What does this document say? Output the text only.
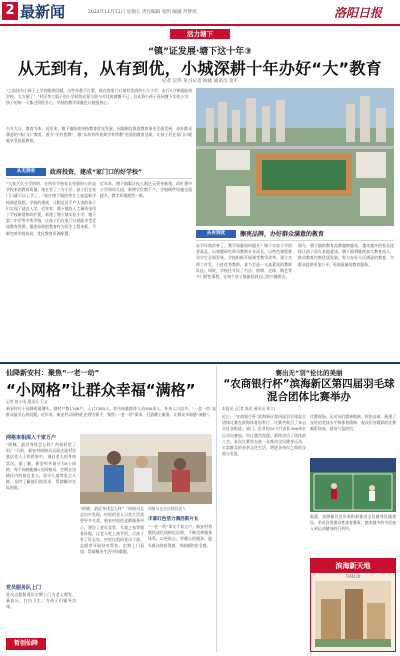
2 最新闻	2022年11月11日 星期五 责任编辑 张明 编辑 苏梦瑶	洛阳日报
活力塘下
“镇”证发展·塘下这十年③
从无到有，从有到优，小城深耕十年办好“大”教育
记者 吴伟 见习记者 顾晓 通讯员 余平
“之前读书小孩子上学的路途问题，这些年都不打紧。现在的家门口就有优质的公立小学、步行5分钟就能到学校。太方便了！”村民李大姐子的小学时的光景与如今对比时感慨不已。自从将小孩子送到塘下实验小学，孩子的每一天都过得很开心，学校的教学质量也让她很放心。
百年大计，教育为本。近年来，塘下镇始终坚持教育优先发展，因地制宜推进教育事业全面发展，办好群众满意的“家门口”教育，着力“学有优教”，做“从幼有所育到学有所教”更高的教育品质，让孩子们在家门口就能享受优质教育。
从无到有	政府投资，建成“家门口的好学校”
“大家久久小学的时，在所有学校家长里最担心的是学校来的教育质量。现在有了三方小学，孩子们在家门口就可以上学了。”家住塘下镇的李女士说起新学校满是欣慰。学校的建成，让附近近千户人家的孩子们实现了就近入学。近年来，塘下镇投入大量资金用于学校新建和改扩建，新建了塘下镇实验小学、塘下第二中学等多所学校，让孩子们在家门口就能享受优质教育资源。镇里始终把教育作为民生工程来抓，不断完善学校布局，优化教育资源配置。
近年来，塘下镇累计投入数亿元资金新建、改扩建中小学和幼儿园，新增学位数千个，学校硬件设施全面提升，教学环境焕然一新。
从有到优	擦亮品牌，办好群众满意的教育
办学环境改善了，教学质量如何提升？塘下实验小学的答案是，以课题研究带动教师专业成长，以特色课程推动学生全面发展。学校积极开展课堂教学改革，建立名师工作室，引进优秀教师，着力打造一支高素质的教师队伍。同时，学校还开设了书法、围棋、足球、陶艺等多门特色课程，让每个孩子都能找到自己的兴趣所在。
如今，塘下镇的教育品牌越擦越亮，越来越多的家长选择让孩子留在本地就读。塘下镇将继续加大教育投入，推动教育均衡优质发展，努力办好人民满意的教育，为群众提供更加公平、更高质量的教育服务。
仙降新安村：聚焦“一老一幼”
“小网格”让群众幸福“满格”
记者 陈小雨 通讯员 王文
新安村位于仙降街道塘头，辖村户数1768户，人口7385人，其中困难群体人员500余人，外来人口居多。“一老一幼”是群众最关心的问题。近年来，新安村以网格化治理为抓手，聚焦“一老一幼”需求，打造暖心服务，让群众幸福感“满格”。
网格来相深入千家万户
“阿姨，最近身体怎么样？药按时吃了吗？”日前，新安村网格员吴丽走进村里独居老人王奶奶家中，询问老人的身体状况。据了解，新安村共划分为8个网格，每个网格配备1名网格员，定期走访辖区内的独居老人、留守儿童等重点人群，及时了解他们的需求，帮助解决实际困难。
“阿姨，最近身体怎么样？”网格员在走访中发现，村里的老人日常生活需要更多关爱。新安村依托党群服务中心，建设了老年食堂、儿童之家等服务阵地，让老人吃上热乎饭，让孩子有了好去处。村里还组织党员干部、志愿者开展结对帮扶，定期上门看望，帮助解决生活中的难题。
网格员在走访独居老人
丰富红色活力满活新片长
“一老一幼”事关千家万户。新安村将继续深化网格化治理，不断完善服务体系，以更贴心、更暖心的服务，提升群众的获得感、幸福感和安全感。
党员服务队上门
党员志愿服务队定期上门为老人理发、量血压、打扫卫生，为孩子们辅导功课。
暂创仙降
赛出无“羽”伦比的美丽
“农商银行杯”滨海新区第四届羽毛球混合团体比赛举办
本报讯 (记者 陈思 通讯员 林立)
近日，“农商银行杯”滨海新区第四届羽毛球混合团体比赛在滨海体育馆举行。比赛共吸引了来自全区各街道、部门、企业的24支代表队300余名运动员参加。经过激烈角逐，最终决出了团体前八名。本次比赛旨在进一步推动全民健身运动，丰富群众的业余文化生活，增进各单位之间的交流与友谊。
比赛现场，运动员们精神饱满，挥拍击球，展现了良好的竞技水平和体育精神。观众们为精彩的比赛喝彩加油，现场气氛热烈。
据悉，滨海新区近年来积极推进全民健身设施建设，举办各类群众性体育赛事，越来越多的市民加入到运动健身的行列中。
滨海新天地
TIAN DI
